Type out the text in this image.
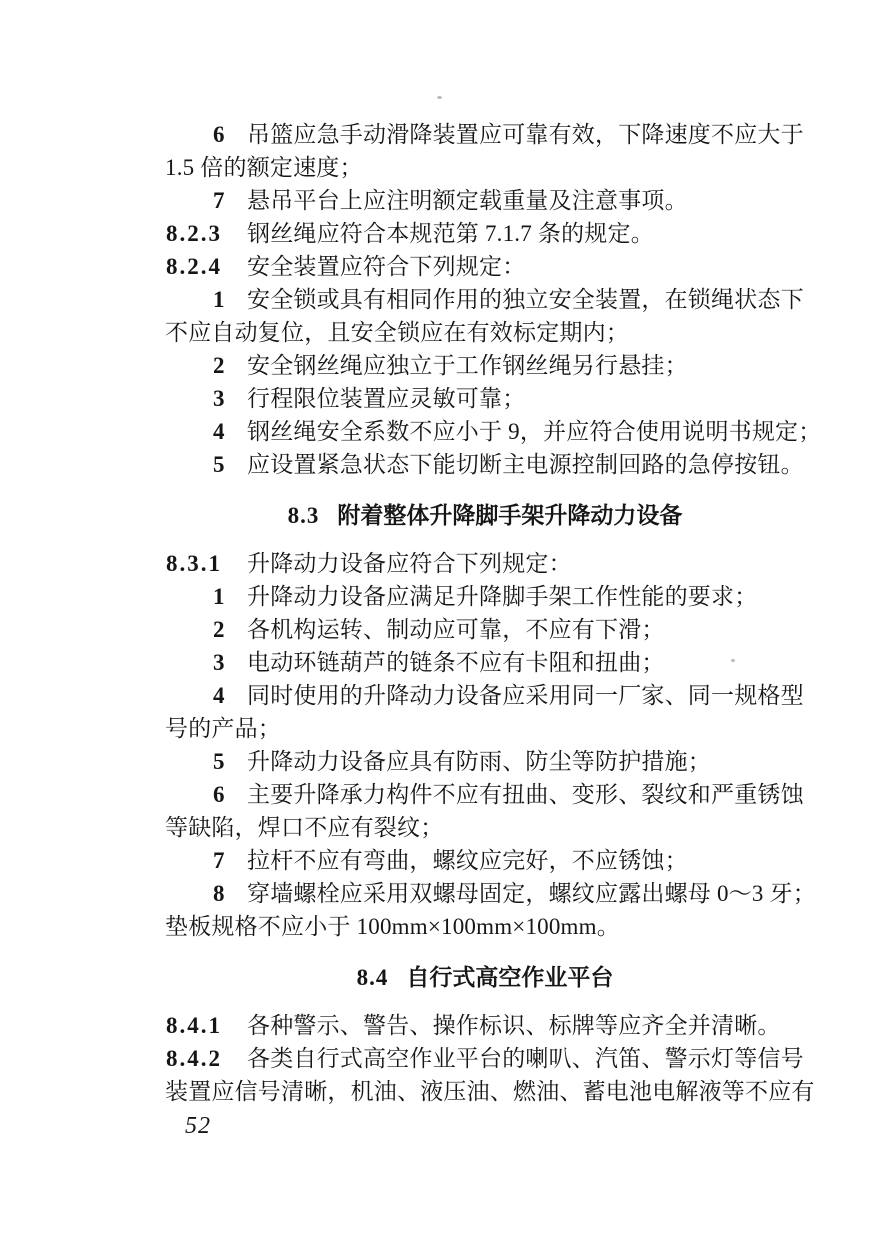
6 吊篮应急手动滑降装置应可靠有效，下降速度不应大于
1.5 倍的额定速度；
7 悬吊平台上应注明额定载重量及注意事项。
8.2.3 钢丝绳应符合本规范第 7.1.7 条的规定。
8.2.4 安全装置应符合下列规定：
1 安全锁或具有相同作用的独立安全装置，在锁绳状态下
不应自动复位，且安全锁应在有效标定期内；
2 安全钢丝绳应独立于工作钢丝绳另行悬挂；
3 行程限位装置应灵敏可靠；
4 钢丝绳安全系数不应小于 9，并应符合使用说明书规定；
5 应设置紧急状态下能切断主电源控制回路的急停按钮。
8.3 附着整体升降脚手架升降动力设备
8.3.1 升降动力设备应符合下列规定：
1 升降动力设备应满足升降脚手架工作性能的要求；
2 各机构运转、制动应可靠，不应有下滑；
3 电动环链葫芦的链条不应有卡阻和扭曲；
4 同时使用的升降动力设备应采用同一厂家、同一规格型
号的产品；
5 升降动力设备应具有防雨、防尘等防护措施；
6 主要升降承力构件不应有扭曲、变形、裂纹和严重锈蚀
等缺陷，焊口不应有裂纹；
7 拉杆不应有弯曲，螺纹应完好，不应锈蚀；
8 穿墙螺栓应采用双螺母固定，螺纹应露出螺母 0～3 牙；
垫板规格不应小于 100mm×100mm×100mm。
8.4 自行式高空作业平台
8.4.1 各种警示、警告、操作标识、标牌等应齐全并清晰。
8.4.2 各类自行式高空作业平台的喇叭、汽笛、警示灯等信号
装置应信号清晰，机油、液压油、燃油、蓄电池电解液等不应有
52
